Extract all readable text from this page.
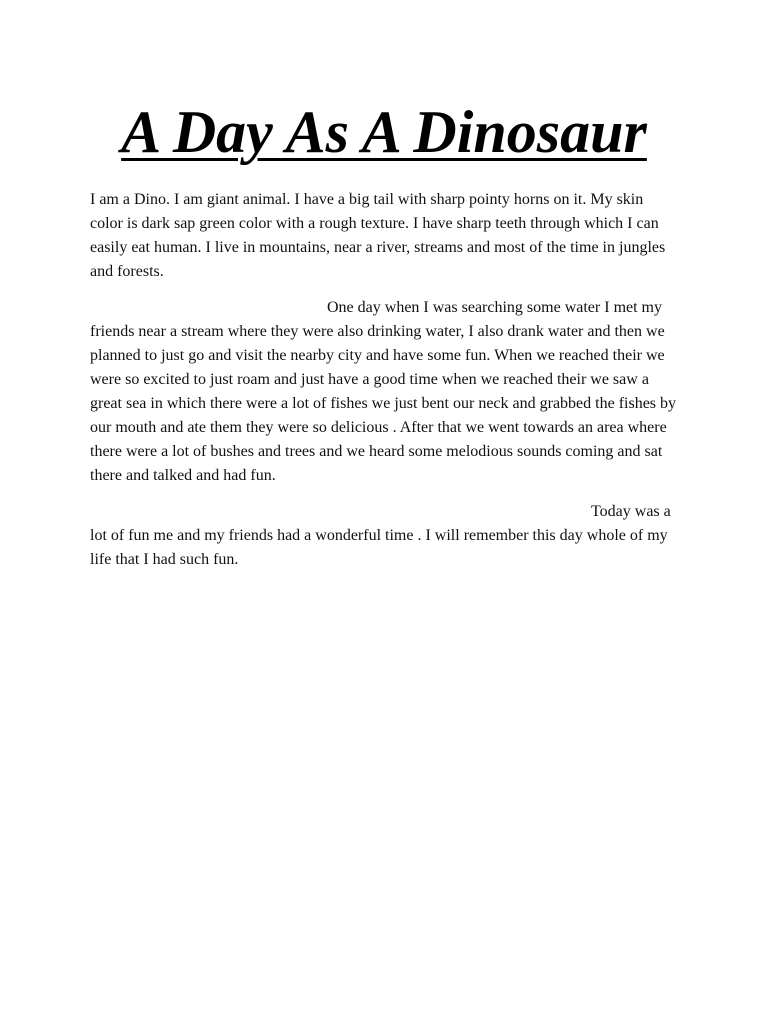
A Day As A Dinosaur

I am a Dino. I am giant animal. I have a big tail with sharp pointy horns on it. My skin color is dark sap green color with a rough texture. I have sharp teeth through which I can easily eat human. I live in mountains, near a river, streams and most of the time in jungles and forests.

One day when I was searching some water I met my friends near a stream where they were also drinking water, I also drank water and then we planned to just go and visit the nearby city and have some fun. When we reached their we were so excited to just roam and just have a good time when we reached their we saw a great sea in which there were a lot of fishes we just bent our neck and grabbed the fishes by our mouth and ate them they were so delicious . After that we went towards an area where there were a lot of bushes and trees and we heard some melodious sounds coming and sat there and talked and had fun.

Today was a lot of fun me and my friends had a wonderful time . I will remember this day whole of my life that I had such fun.
